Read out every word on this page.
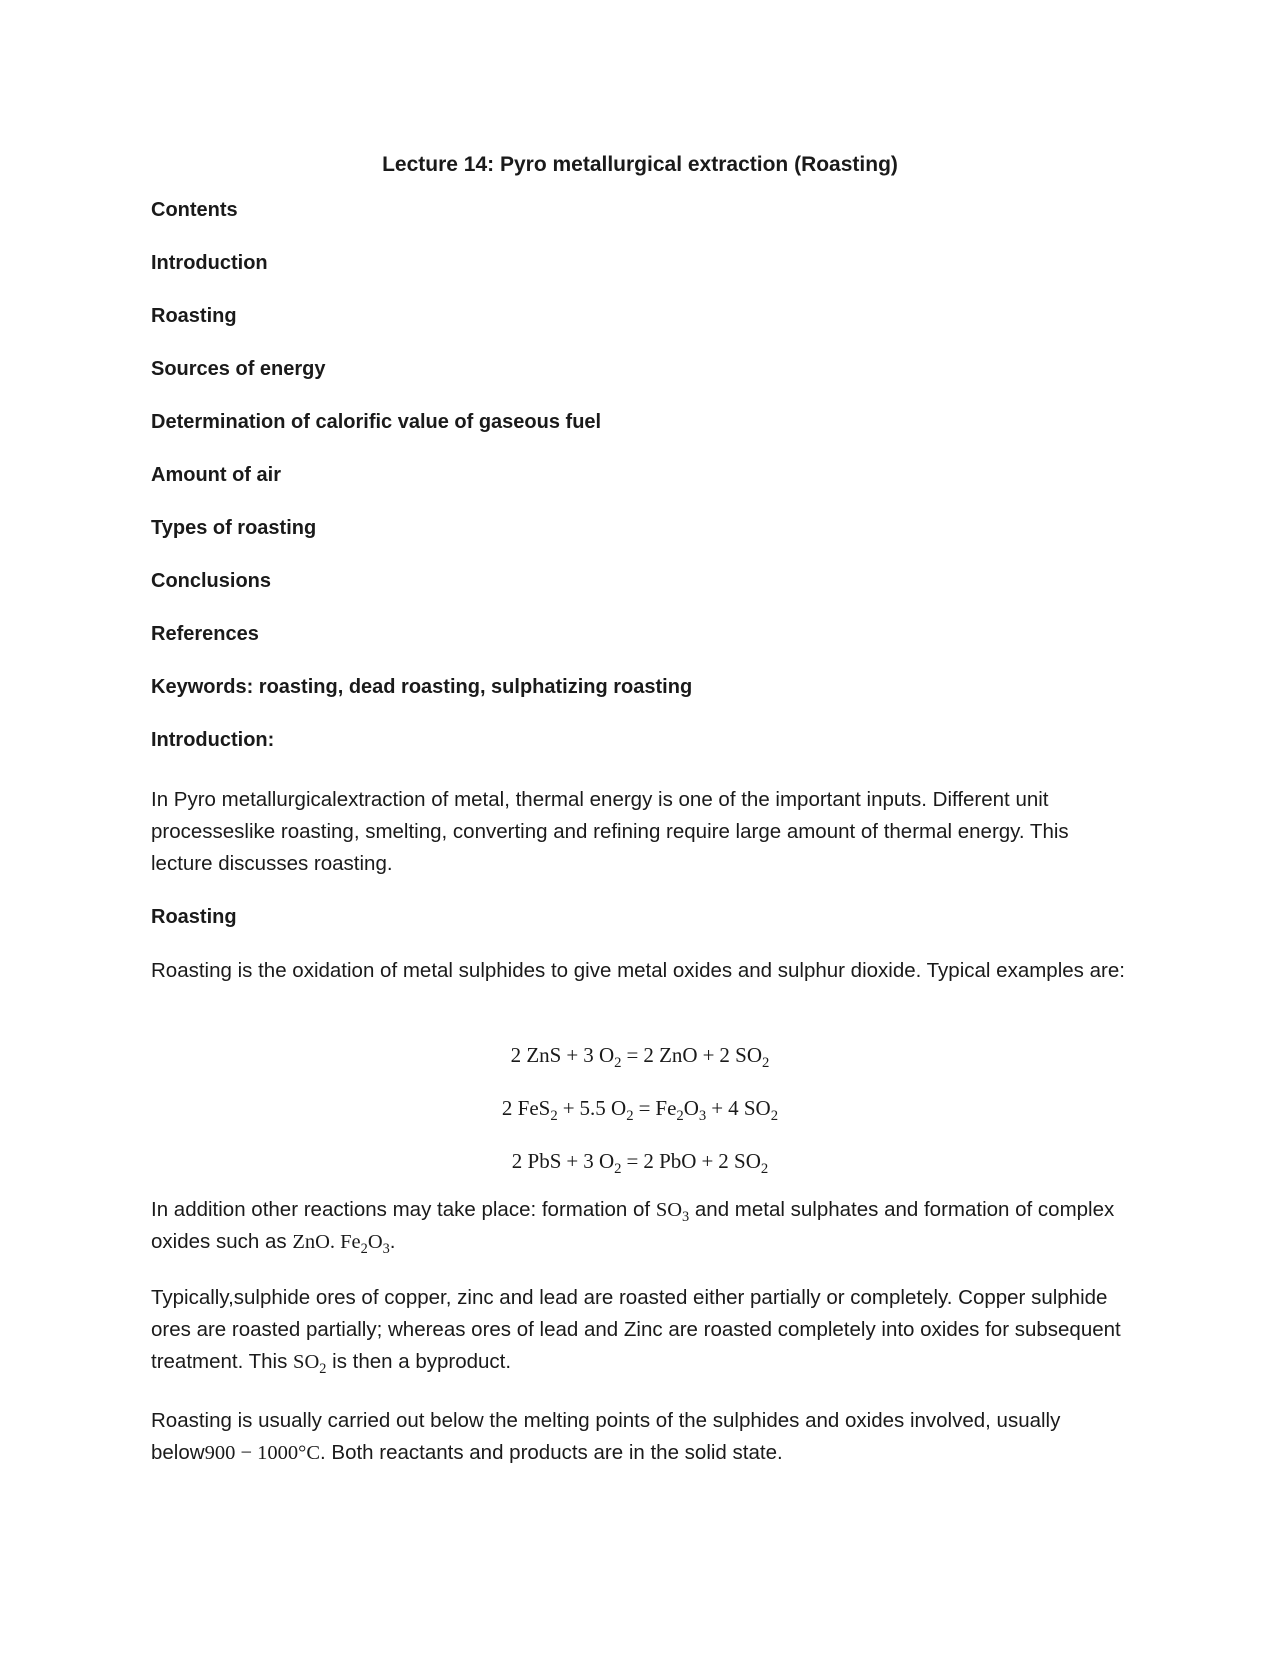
Lecture 14: Pyro metallurgical extraction (Roasting)
Contents
Introduction
Roasting
Sources of energy
Determination of calorific value of gaseous fuel
Amount of air
Types of roasting
Conclusions
References
Keywords: roasting, dead roasting, sulphatizing roasting
Introduction:
In Pyro metallurgicalextraction of metal, thermal energy is one of the important inputs. Different unit processeslike roasting, smelting, converting and refining require large amount of thermal energy. This lecture discusses roasting.
Roasting
Roasting is the oxidation of metal sulphides to give metal oxides and sulphur dioxide. Typical examples are:
2 ZnS + 3 $O_2 = 2$ ZnO + 2 $SO_2$
2 FeS$_2$ + 5.5 $O_2 = Fe_2O_3 + 4$ $SO_2$
2 PbS + 3 $O_2 = 2$ PbO + 2 $SO_2$
In addition other reactions may take place: formation of $SO_3$ and metal sulphates and formation of complex oxides such as ZnO. $Fe_2O_3$.
Typically,sulphide ores of copper, zinc and lead are roasted either partially or completely. Copper sulphide ores are roasted partially; whereas ores of lead and Zinc are roasted completely into oxides for subsequent treatment. This $SO_2$ is then a byproduct.
Roasting is usually carried out below the melting points of the sulphides and oxides involved, usually below900 − 1000°C. Both reactants and products are in the solid state.
